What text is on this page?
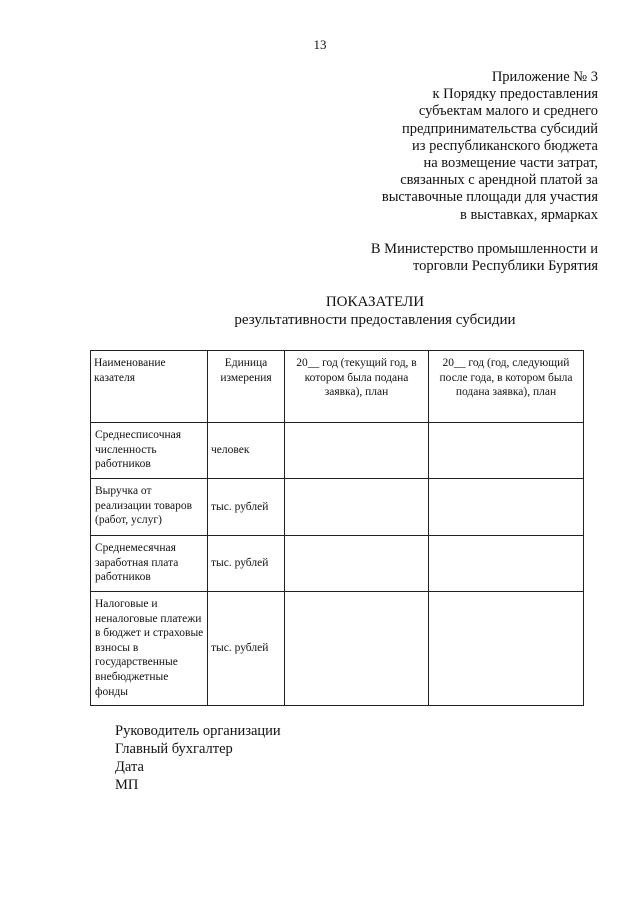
13
Приложение № 3
к Порядку предоставления
субъектам малого и среднего
предпринимательства субсидий
из республиканского бюджета
на возмещение части затрат,
связанных с арендной платой за
выставочные площади для участия
в выставках, ярмарках
В Министерство промышленности и
торговли Республики Бурятия
ПОКАЗАТЕЛИ
результативности предоставления субсидии
Наименование казателя	Единица измерения	20__ год (текущий год, в котором была подана заявка), план	20__ год (год, следующий после года, в котором была подана заявка), план
Среднесписочная численность работников	человек		
Выручка от реализации товаров (работ, услуг)	тыс. рублей		
Среднемесячная заработная плата работников	тыс. рублей		
Налоговые и неналоговые платежи в бюджет и страховые взносы в государственные внебюджетные фонды	тыс. рублей		
Руководитель организации
Главный бухгалтер
Дата
МП
